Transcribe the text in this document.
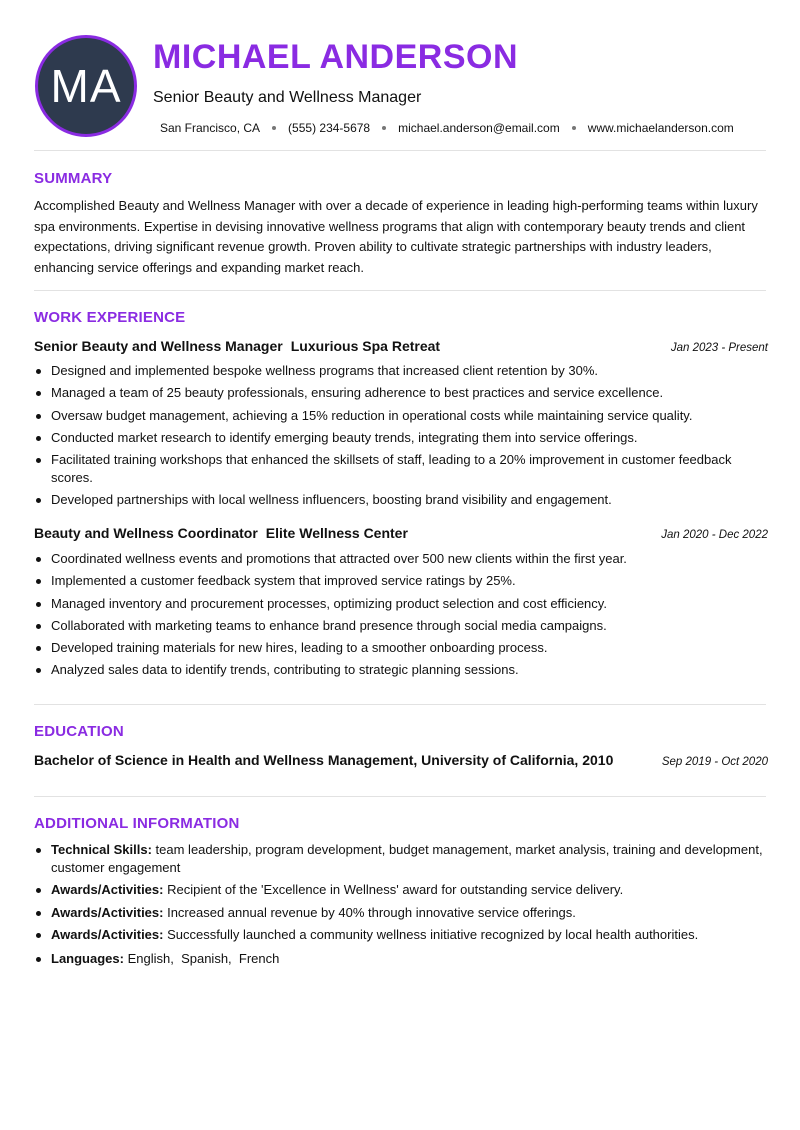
MA
MICHAEL ANDERSON
Senior Beauty and Wellness Manager
San Francisco, CA (555) 234-5678 michael.anderson@email.com www.michaelanderson.com
SUMMARY
Accomplished Beauty and Wellness Manager with over a decade of experience in leading high-performing teams within luxury spa environments. Expertise in devising innovative wellness programs that align with contemporary beauty trends and client expectations, driving significant revenue growth. Proven ability to cultivate strategic partnerships with industry leaders, enhancing service offerings and expanding market reach.
WORK EXPERIENCE
Senior Beauty and Wellness Manager Luxurious Spa Retreat	Jan 2023 - Present
Designed and implemented bespoke wellness programs that increased client retention by 30%.
Managed a team of 25 beauty professionals, ensuring adherence to best practices and service excellence.
Oversaw budget management, achieving a 15% reduction in operational costs while maintaining service quality.
Conducted market research to identify emerging beauty trends, integrating them into service offerings.
Facilitated training workshops that enhanced the skillsets of staff, leading to a 20% improvement in customer feedback scores.
Developed partnerships with local wellness influencers, boosting brand visibility and engagement.
Beauty and Wellness Coordinator Elite Wellness Center	Jan 2020 - Dec 2022
Coordinated wellness events and promotions that attracted over 500 new clients within the first year.
Implemented a customer feedback system that improved service ratings by 25%.
Managed inventory and procurement processes, optimizing product selection and cost efficiency.
Collaborated with marketing teams to enhance brand presence through social media campaigns.
Developed training materials for new hires, leading to a smoother onboarding process.
Analyzed sales data to identify trends, contributing to strategic planning sessions.
EDUCATION
Bachelor of Science in Health and Wellness Management, University of California, 2010	Sep 2019 - Oct 2020
ADDITIONAL INFORMATION
Technical Skills: team leadership, program development, budget management, market analysis, training and development, customer engagement
Awards/Activities: Recipient of the 'Excellence in Wellness' award for outstanding service delivery.
Awards/Activities: Increased annual revenue by 40% through innovative service offerings.
Awards/Activities: Successfully launched a community wellness initiative recognized by local health authorities.
Languages: English,  Spanish,  French
